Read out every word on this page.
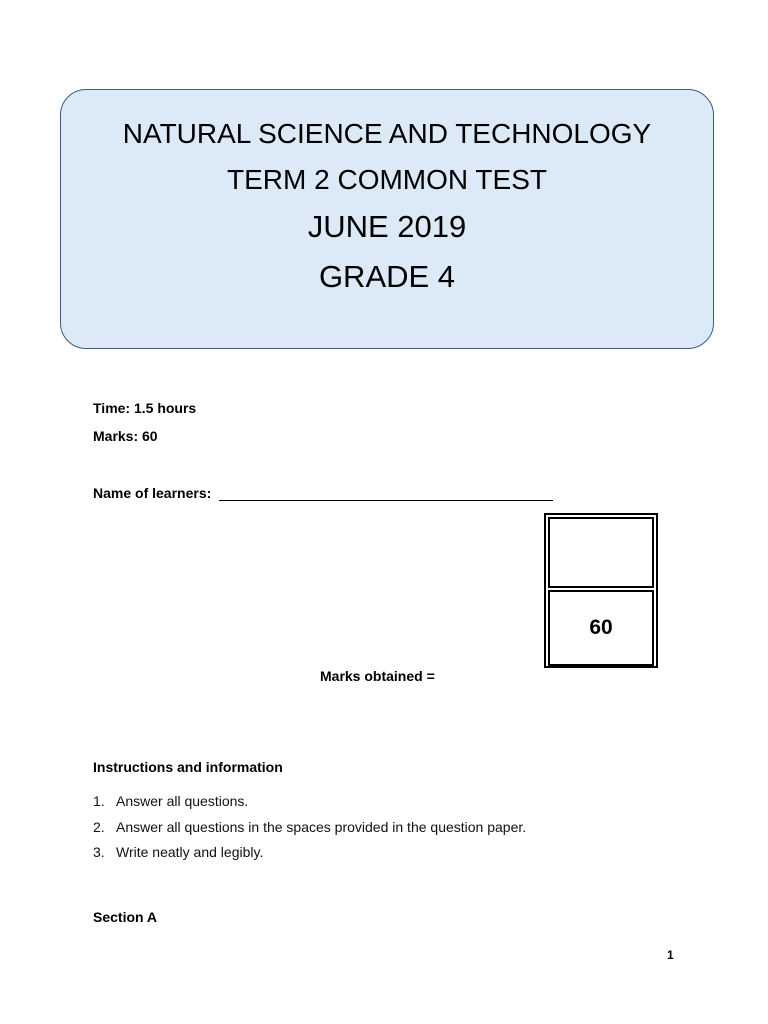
NATURAL SCIENCE AND TECHNOLOGY
TERM 2 COMMON TEST
JUNE 2019
GRADE 4
Time: 1.5 hours
Marks: 60
Name of learners:
60
Marks obtained =
Instructions and information
1. Answer all questions.
2. Answer all questions in the spaces provided in the question paper.
3. Write neatly and legibly.
Section A
1
